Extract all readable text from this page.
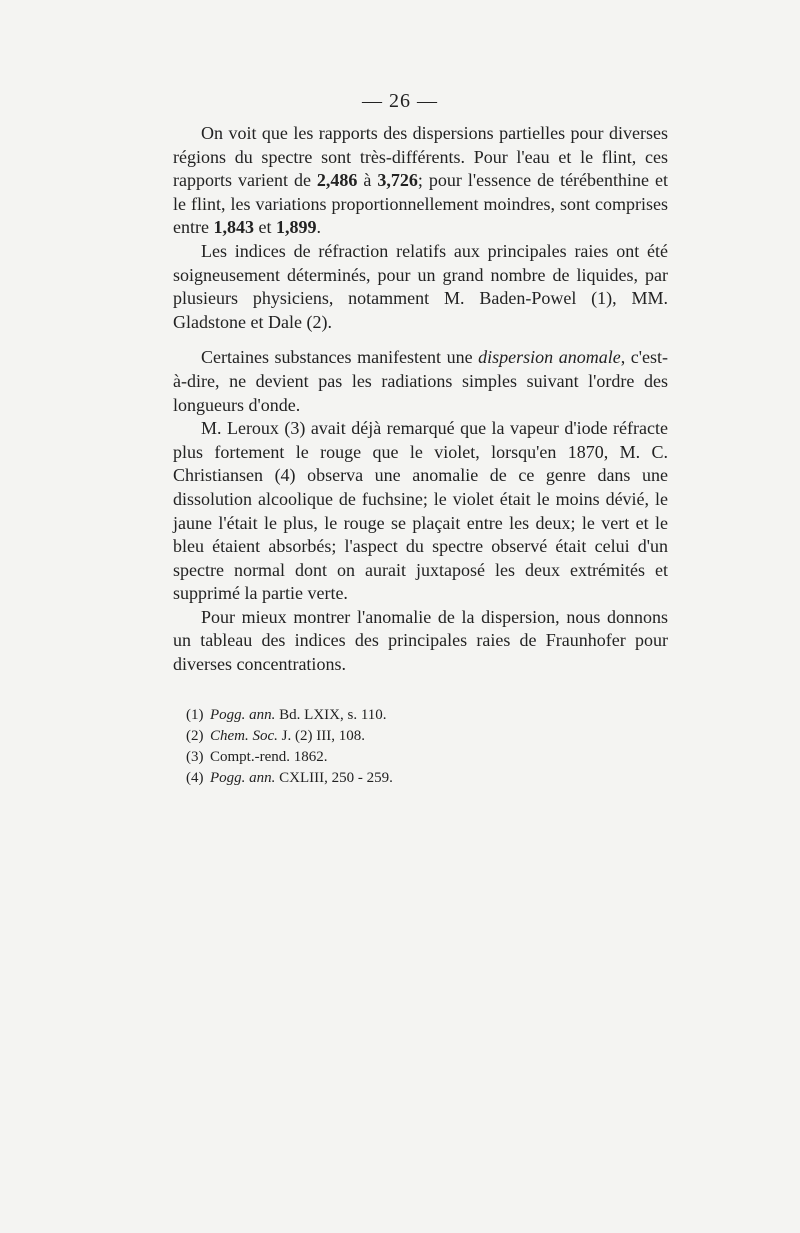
— 26 —

On voit que les rapports des dispersions partielles pour diverses régions du spectre sont très-différents. Pour l'eau et le flint, ces rapports varient de 2,486 à 3,726; pour l'essence de térébenthine et le flint, les variations proportionnellement moindres, sont comprises entre 1,843 et 1,899.

Les indices de réfraction relatifs aux principales raies ont été soigneusement déterminés, pour un grand nombre de liquides, par plusieurs physiciens, notamment M. Baden-Powel (1), MM. Gladstone et Dale (2).

Certaines substances manifestent une dispersion anomale, c'est-à-dire, ne devient pas les radiations simples suivant l'ordre des longueurs d'onde.

M. Leroux (3) avait déjà remarqué que la vapeur d'iode réfracte plus fortement le rouge que le violet, lorsqu'en 1870, M. C. Christiansen (4) observa une anomalie de ce genre dans une dissolution alcoolique de fuchsine; le violet était le moins dévié, le jaune l'était le plus, le rouge se plaçait entre les deux; le vert et le bleu étaient absorbés; l'aspect du spectre observé était celui d'un spectre normal dont on aurait juxtaposé les deux extrémités et supprimé la partie verte.

Pour mieux montrer l'anomalie de la dispersion, nous donnons un tableau des indices des principales raies de Fraunhofer pour diverses concentrations.

(1) Pogg. ann. Bd. LXIX, s. 110.

(2) Chem. Soc. J. (2) III, 108.

(3) Compt.-rend. 1862.

(4) Pogg. ann. CXLIII, 250 - 259.
